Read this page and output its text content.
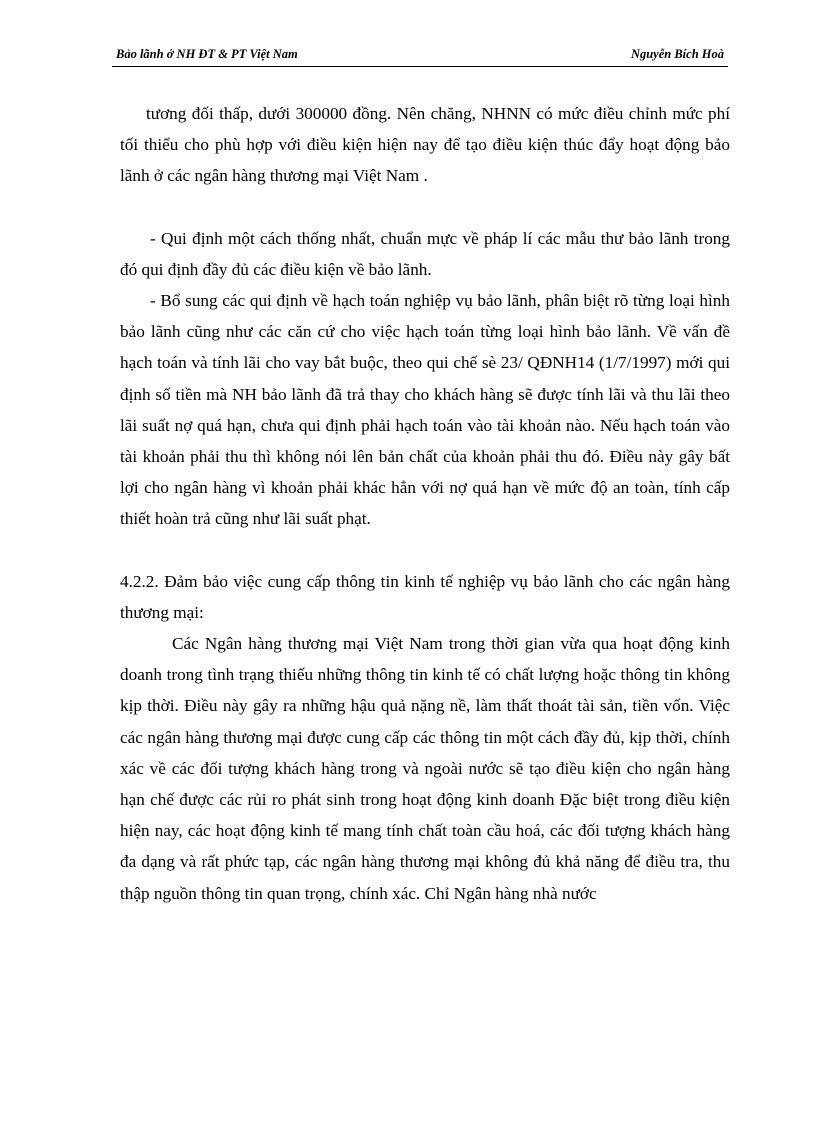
Bảo lãnh ở NH ĐT & PT Việt Nam	Nguyễn Bích Hoà

tương đối thấp, dưới 300000 đồng. Nên chăng, NHNN có mức điều chỉnh mức phí tối thiểu cho phù hợp với điều kiện hiện nay để tạo điều kiện thúc đẩy hoạt động bảo lãnh ở các ngân hàng thương mại Việt Nam .

- Qui định một cách thống nhất, chuẩn mực về pháp lí các mẫu thư bảo lãnh trong đó qui định đầy đủ các điều kiện về bảo lãnh.

- Bổ sung các qui định về hạch toán nghiệp vụ bảo lãnh, phân biệt rõ từng loại hình bảo lãnh cũng như các căn cứ cho việc hạch toán từng loại hình bảo lãnh. Về vấn đề hạch toán và tính lãi cho vay bắt buộc, theo qui chế sè 23/ QĐNH14 (1/7/1997) mới qui định số tiền mà NH bảo lãnh đã trả thay cho khách hàng sẽ được tính lãi và thu lãi theo lãi suất nợ quá hạn, chưa qui định phải hạch toán vào tài khoản nào. Nếu hạch toán vào tài khoản phải thu thì không nói lên bản chất của khoản phải thu đó. Điều này gây bất lợi cho ngân hàng vì khoản phải khác hẳn với nợ quá hạn về mức độ an toàn, tính cấp thiết hoàn trả cũng như lãi suất phạt.

4.2.2. Đảm bảo việc cung cấp thông tin kinh tế nghiệp vụ bảo lãnh cho các ngân hàng thương mại:

Các Ngân hàng thương mại Việt Nam trong thời gian vừa qua hoạt động kinh doanh trong tình trạng thiếu những thông tin kinh tế có chất lượng hoặc thông tin không kịp thời. Điều này gây ra những hậu quả nặng nề, làm thất thoát tài sản, tiền vốn. Việc các ngân hàng thương mại được cung cấp các thông tin một cách đầy đủ, kịp thời, chính xác về các đối tượng khách hàng trong và ngoài nước sẽ tạo điều kiện cho ngân hàng hạn chế được các rủi ro phát sinh trong hoạt động kinh doanh Đặc biệt trong điều kiện hiện nay, các hoạt động kinh tế mang tính chất toàn cầu hoá, các đối tượng khách hàng đa dạng và rất phức tạp, các ngân hàng thương mại không đủ khả năng để điều tra, thu thập nguồn thông tin quan trọng, chính xác. Chỉ Ngân hàng nhà nước
